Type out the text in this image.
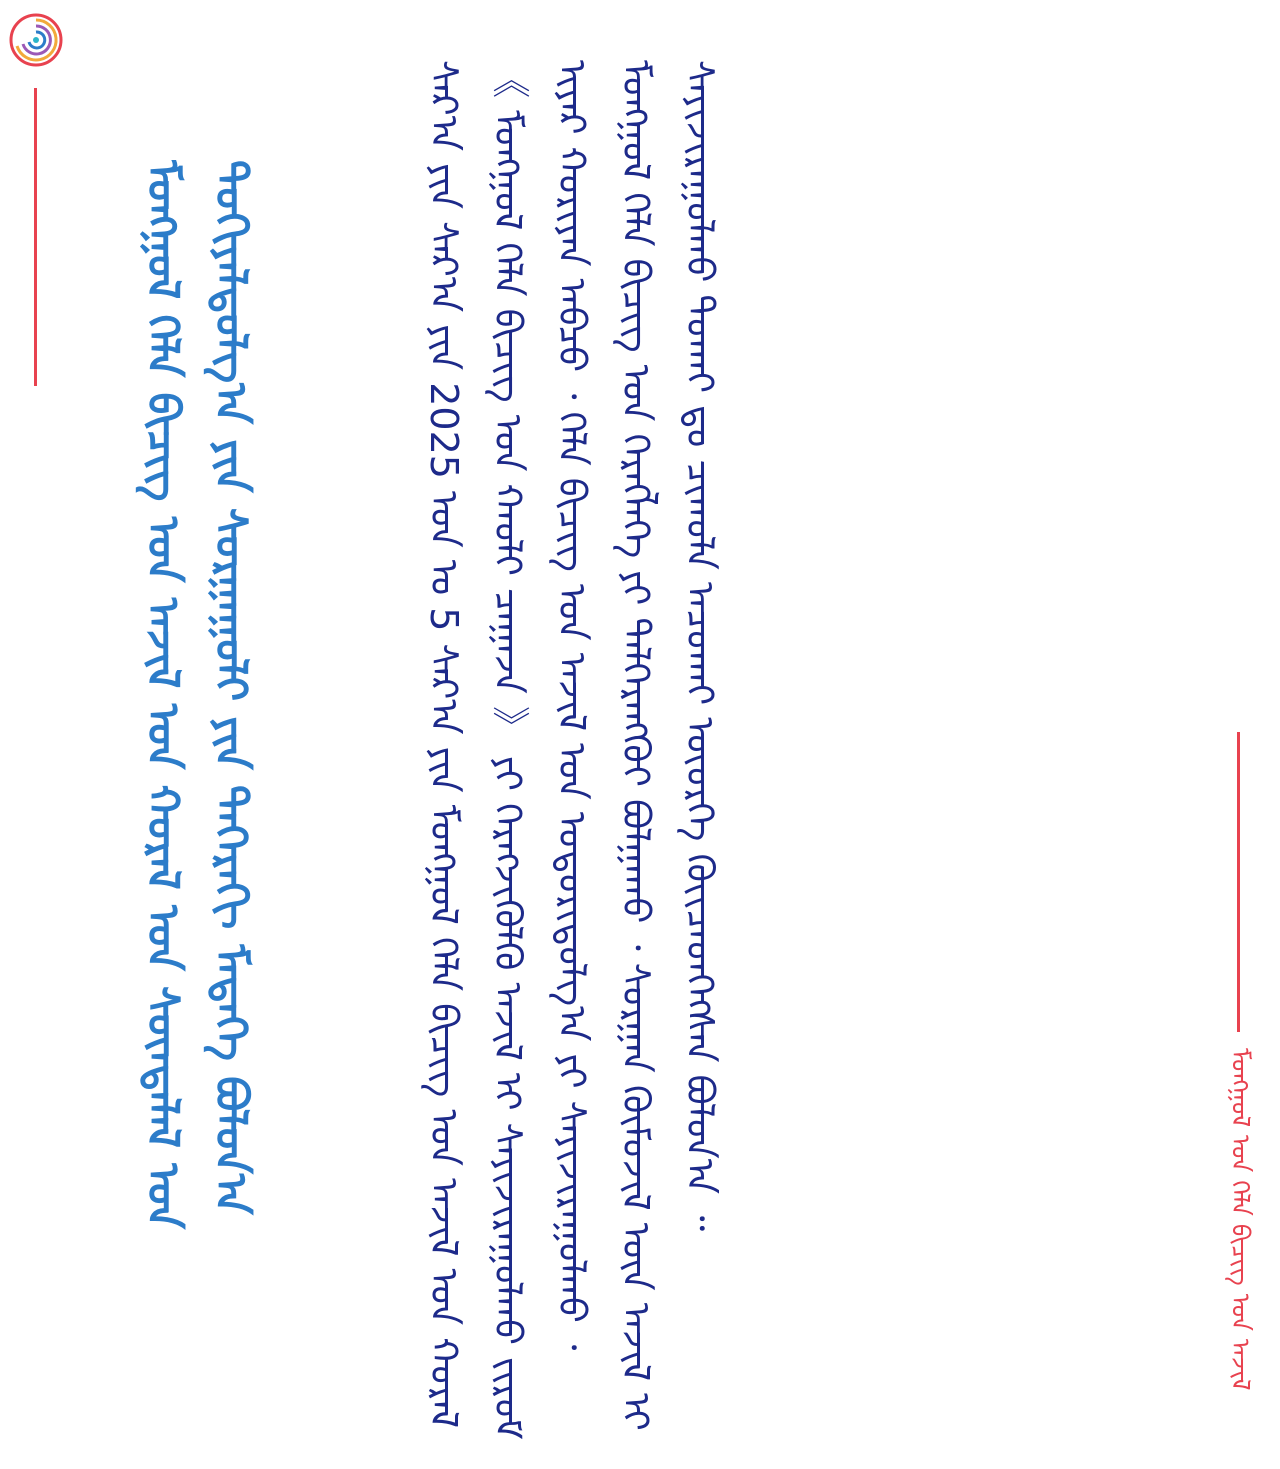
ᠮᠣᠩᠭᠣᠯ ᠤᠨ ᠬᠡᠯᠡ ᠪᠢᠴᠢᠭ ᠤᠨ ᠠᠵᠢᠯ

ᠰᠠᠷ᠎ᠠ ᠶᠢᠨ ᠰᠠᠷ᠎ᠠ ᠶᠢᠨ 2025 ᠣᠨ ᠤ 5 ᠰᠠᠷ᠎ᠠ ᠶᠢᠨ ᠮᠣᠩᠭᠣᠯ ᠬᠡᠯᠡ ᠪᠢᠴᠢᠭ ᠤᠨ ᠠᠵᠢᠯ ᠤᠨ ᠬᠤᠷᠠᠯ 《 ᠮᠣᠩᠭᠣᠯ ᠬᠡᠯᠡ ᠪᠢᠴᠢᠭ ᠤᠨ ᠬᠠᠤᠯᠢ ᠴᠠᠭᠠᠵᠠ 》 ᠶᠢ ᠬᠡᠷᠡᠭᠵᠢᠭᠦᠯᠬᠦ ᠠᠵᠢᠯ ᠢ ᠰᠠᠶᠢᠵᠢᠷᠠᠭᠤᠯᠬᠤ ᠵᠢᠷᠤᠮ ᠢᠶᠠᠷ ᠬᠣᠷᠢᠶᠠᠨ ᠠᠪᠴᠤ ᠂ ᠬᠡᠯᠡ ᠪᠢᠴᠢᠭ ᠤᠨ ᠠᠵᠢᠯ ᠤᠨ ᠤᠳᠤᠷᠢᠳᠤᠯᠭ᠎ᠠ ᠶᠢ ᠰᠠᠶᠢᠵᠢᠷᠠᠭᠤᠯᠬᠤ ᠂ ᠮᠣᠩᠭᠣᠯ ᠬᠡᠯᠡ ᠪᠢᠴᠢᠭ ᠤᠨ ᠬᠡᠷᠡᠭᠯᠡᠭᠡ ᠶᠢ ᠳᠡᠯᠭᠡᠷᠡᠩᠭᠦᠢ ᠪᠣᠯᠭᠠᠬᠤ ᠂ ᠰᠤᠷᠭᠠᠨ ᠬᠦᠮᠦᠵᠢᠯ ᠦᠨ ᠠᠵᠢᠯ ᠢ ᠰᠠᠶᠢᠵᠢᠷᠠᠭᠤᠯᠬᠤ ᠲᠤᠬᠠᠢ ᠳᠤ ᠴᠢᠬᠤᠯᠠ ᠠᠴᠤᠬᠠᠢ ᠦᠦᠷᠭᠡ ᠭᠦᠢᠴᠡᠳᠬᠡᠭᠰᠡᠨ ᠪᠣᠯᠤᠨ᠎ᠠ ᠃

ᠮᠣᠩᠭᠣᠯ ᠬᠡᠯᠡ ᠪᠢᠴᠢᠭ ᠤᠨ ᠠᠵᠢᠯ ᠤᠨ ᠬᠤᠷᠠᠯ ᠤᠨ ᠰᠦᠨᠳᠡᠯᠡᠯ ᠤᠨ ᠲᠣᠬᠢᠶᠠᠯᠳᠤᠯᠭ᠎ᠠ ᠶᠢᠨ ᠰᠤᠷᠭᠠᠭᠤᠯᠢ ᠶᠢᠨ ᠳᠡᠭᠡᠷᠡᠬᠢ ᠮᠡᠳᠡᠭᠡ ᠪᠣᠯᠤᠨ᠎ᠠ
